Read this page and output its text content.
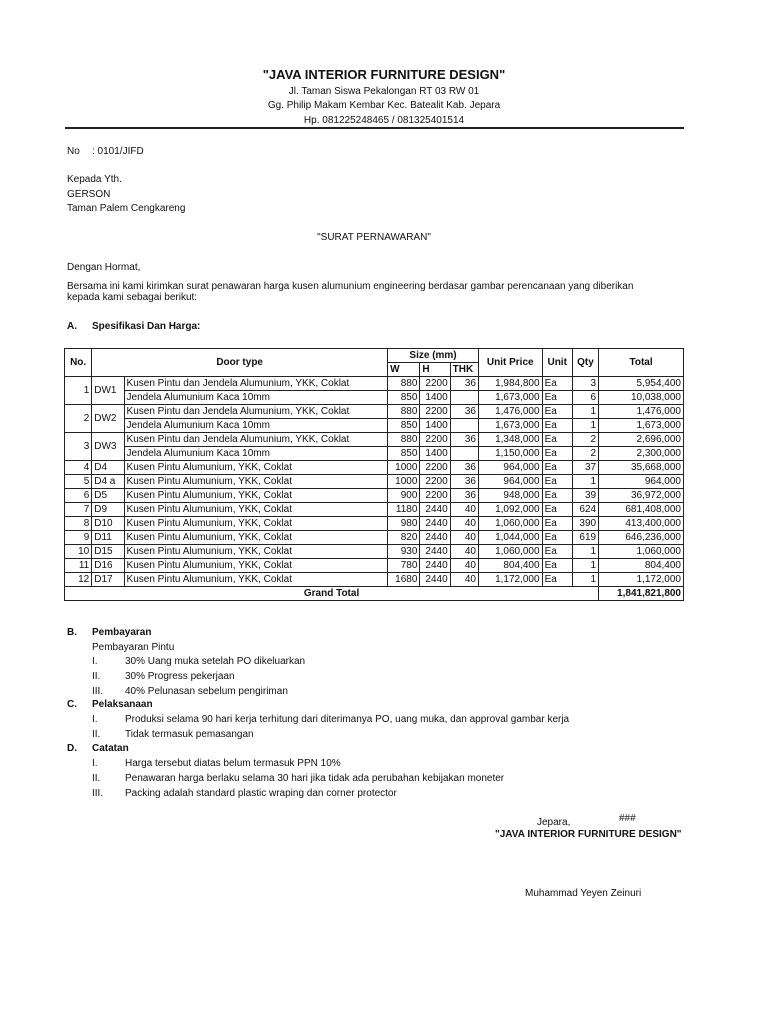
"JAVA INTERIOR FURNITURE DESIGN"
Jl. Taman Siswa Pekalongan RT 03 RW 01
Gg. Philip Makam Kembar Kec. Batealit Kab. Jepara
Hp. 081225248465 / 081325401514
No : 0101/JIFD
Kepada Yth.
GERSON
Taman Palem Cengkareng
"SURAT PERNAWARAN"
Dengan Hormat,
Bersama ini kami kirimkan surat penawaran harga kusen alumunium engineering berdasar gambar perencanaan yang diberikan
kepada kami sebagai berikut:
A. Spesifikasi Dan Harga:
No.	Door type		Size (mm)			Unit Price	Unit	Qty	Total
			W	H	THK				
1	DW1	Kusen Pintu dan Jendela Alumunium, YKK, Coklat	880	2200	36	1,984,800	Ea	3	5,954,400
		Jendela Alumunium Kaca 10mm	850	1400		1,673,000	Ea	6	10,038,000
2	DW2	Kusen Pintu dan Jendela Alumunium, YKK, Coklat	880	2200	36	1,476,000	Ea	1	1,476,000
		Jendela Alumunium Kaca 10mm	850	1400		1,673,000	Ea	1	1,673,000
3	DW3	Kusen Pintu dan Jendela Alumunium, YKK, Coklat	880	2200	36	1,348,000	Ea	2	2,696,000
		Jendela Alumunium Kaca 10mm	850	1400		1,150,000	Ea	2	2,300,000
4	D4	Kusen Pintu Alumunium, YKK, Coklat	1000	2200	36	964,000	Ea	37	35,668,000
5	D4 a	Kusen Pintu Alumunium, YKK, Coklat	1000	2200	36	964,000	Ea	1	964,000
6	D5	Kusen Pintu Alumunium, YKK, Coklat	900	2200	36	948,000	Ea	39	36,972,000
7	D9	Kusen Pintu Alumunium, YKK, Coklat	1180	2440	40	1,092,000	Ea	624	681,408,000
8	D10	Kusen Pintu Alumunium, YKK, Coklat	980	2440	40	1,060,000	Ea	390	413,400,000
9	D11	Kusen Pintu Alumunium, YKK, Coklat	820	2440	40	1,044,000	Ea	619	646,236,000
10	D15	Kusen Pintu Alumunium, YKK, Coklat	930	2440	40	1,060,000	Ea	1	1,060,000
11	D16	Kusen Pintu Alumunium, YKK, Coklat	780	2440	40	804,400	Ea	1	804,400
12	D17	Kusen Pintu Alumunium, YKK, Coklat	1680	2440	40	1,172,000	Ea	1	1,172,000
Grand Total									1,841,821,800
B. Pembayaran
Pembayaran Pintu
I.	30% Uang muka setelah PO dikeluarkan
II. 30% Progress pekerjaan
III. 40% Pelunasan sebelum pengiriman
C. Pelaksanaan
I.	Produksi selama 90 hari kerja terhitung dari diterimanya PO, uang muka, dan approval gambar kerja
II. Tidak termasuk pemasangan
D. Catatan
I.	Harga tersebut diatas belum termasuk PPN 10%
II. Penawaran harga berlaku selama 30 hari jika tidak ada perubahan kebijakan moneter
III. Packing adalah standard plastic wraping dan corner protector
Jepara,	###
"JAVA INTERIOR FURNITURE DESIGN"
Muhammad Yeyen Zeinuri
